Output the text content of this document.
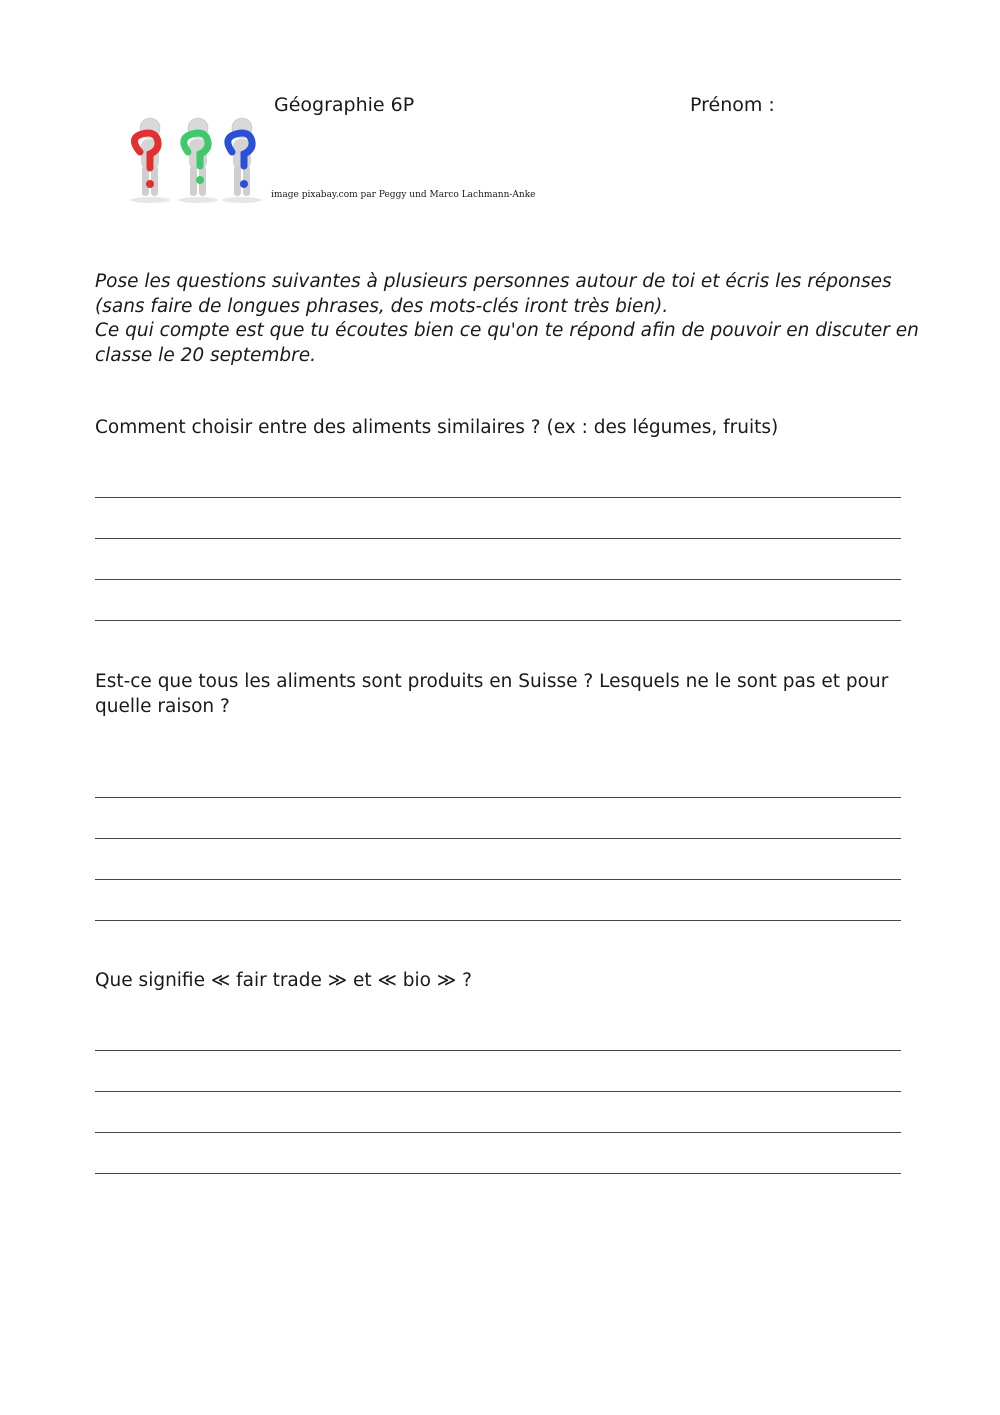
Géographie 6P	Prénom :
image pixabay.com par Peggy und Marco Lachmann-Anke

Pose les questions suivantes à plusieurs personnes autour de toi et écris les réponses (sans faire de longues phrases, des mots-clés iront très bien).

Ce qui compte est que tu écoutes bien ce qu'on te répond afin de pouvoir en discuter en classe le 20 septembre.

Comment choisir entre des aliments similaires ? (ex : des légumes, fruits)
Est-ce que tous les aliments sont produits en Suisse ? Lesquels ne le sont pas et pour quelle raison ?
Que signifie ≪ fair trade ≫ et ≪ bio ≫ ?
